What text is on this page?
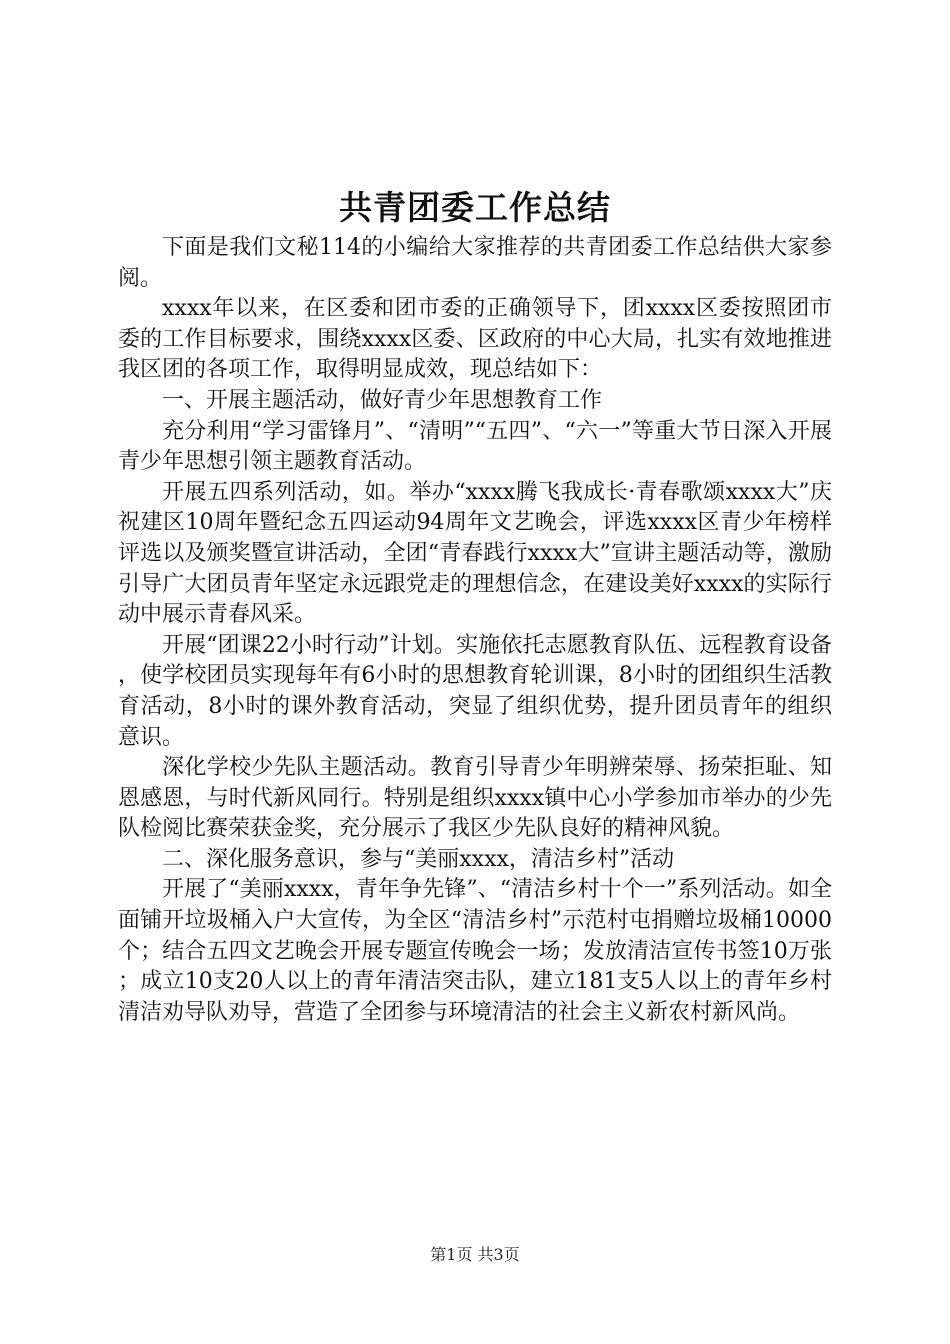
共青团委工作总结

下面是我们文秘114的小编给大家推荐的共青团委工作总结供大家参阅。

xxxx年以来，在区委和团市委的正确领导下，团xxxx区委按照团市委的工作目标要求，围绕xxxx区委、区政府的中心大局，扎实有效地推进我区团的各项工作，取得明显成效，现总结如下：

一、开展主题活动，做好青少年思想教育工作

充分利用“学习雷锋月”、“清明”“五四”、“六一”等重大节日深入开展青少年思想引领主题教育活动。

开展五四系列活动，如。举办“xxxx腾飞我成长·青春歌颂xxxx大”庆祝建区10周年暨纪念五四运动94周年文艺晚会，评选xxxx区青少年榜样评选以及颁奖暨宣讲活动，全团“青春践行xxxx大”宣讲主题活动等，激励引导广大团员青年坚定永远跟党走的理想信念，在建设美好xxxx的实际行动中展示青春风采。

开展“团课22小时行动”计划。实施依托志愿教育队伍、远程教育设备，使学校团员实现每年有6小时的思想教育轮训课，8小时的团组织生活教育活动，8小时的课外教育活动，突显了组织优势，提升团员青年的组织意识。

深化学校少先队主题活动。教育引导青少年明辨荣辱、扬荣拒耻、知恩感恩，与时代新风同行。特别是组织xxxx镇中心小学参加市举办的少先队检阅比赛荣获金奖，充分展示了我区少先队良好的精神风貌。

二、深化服务意识，参与“美丽xxxx，清洁乡村”活动

开展了“美丽xxxx，青年争先锋”、“清洁乡村十个一”系列活动。如全面铺开垃圾桶入户大宣传，为全区“清洁乡村”示范村屯捐赠垃圾桶10000个；结合五四文艺晚会开展专题宣传晚会一场；发放清洁宣传书签10万张；成立10支20人以上的青年清洁突击队，建立181支5人以上的青年乡村清洁劝导队劝导，营造了全团参与环境清洁的社会主义新农村新风尚。

第1页 共3页
